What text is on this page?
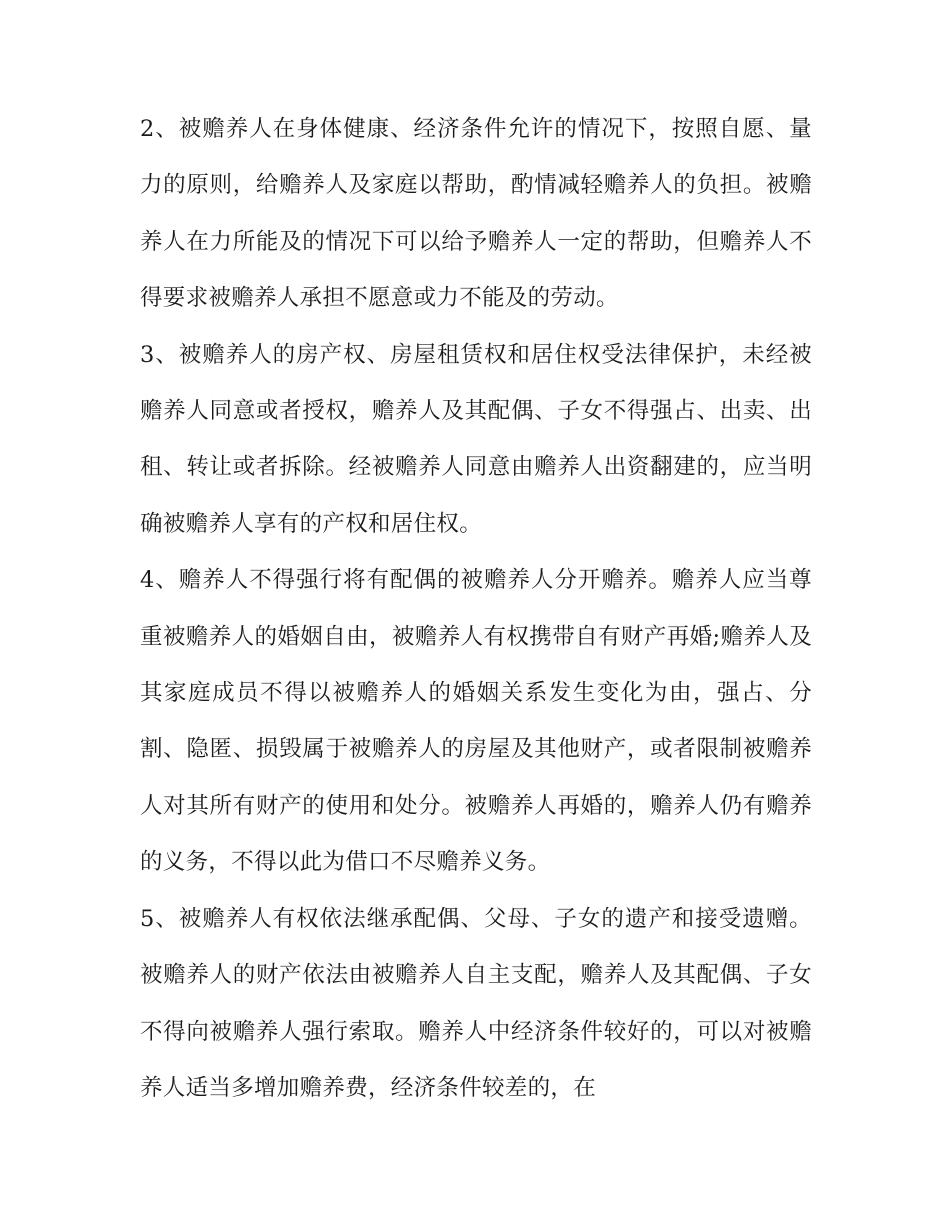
2、被赡养人在身体健康、经济条件允许的情况下，按照自愿、量力的原则，给赡养人及家庭以帮助，酌情减轻赡养人的负担。被赡养人在力所能及的情况下可以给予赡养人一定的帮助，但赡养人不得要求被赡养人承担不愿意或力不能及的劳动。

3、被赡养人的房产权、房屋租赁权和居住权受法律保护，未经被赡养人同意或者授权，赡养人及其配偶、子女不得强占、出卖、出租、转让或者拆除。经被赡养人同意由赡养人出资翻建的，应当明确被赡养人享有的产权和居住权。

4、赡养人不得强行将有配偶的被赡养人分开赡养。赡养人应当尊重被赡养人的婚姻自由，被赡养人有权携带自有财产再婚;赡养人及其家庭成员不得以被赡养人的婚姻关系发生变化为由，强占、分割、隐匿、损毁属于被赡养人的房屋及其他财产，或者限制被赡养人对其所有财产的使用和处分。被赡养人再婚的，赡养人仍有赡养的义务，不得以此为借口不尽赡养义务。

5、被赡养人有权依法继承配偶、父母、子女的遗产和接受遗赠。被赡养人的财产依法由被赡养人自主支配，赡养人及其配偶、子女不得向被赡养人强行索取。赡养人中经济条件较好的，可以对被赡养人适当多增加赡养费，经济条件较差的，在
